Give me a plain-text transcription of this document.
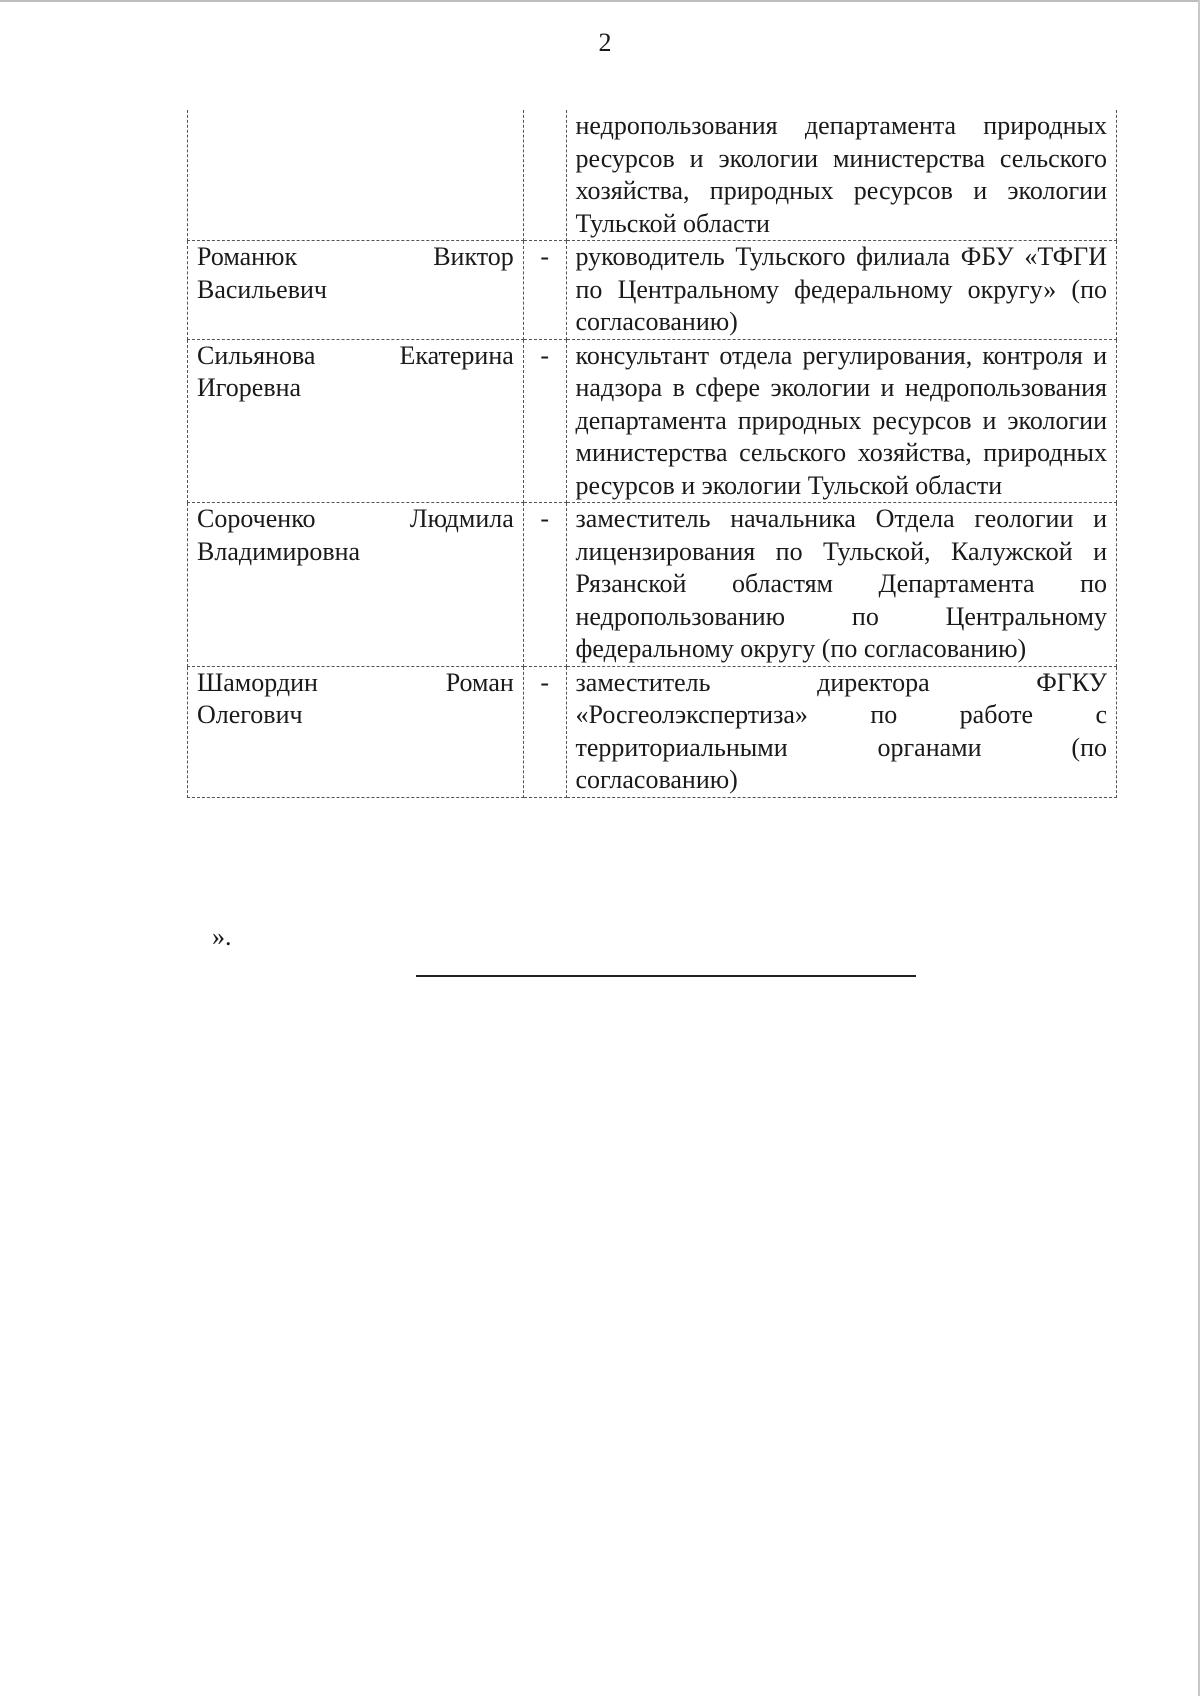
2
		недропользования департамента природных ресурсов и экологии министерства сельского хозяйства, природных ресурсов и экологии Тульской области

Романюк Виктор
Васильевич	-	руководитель Тульского филиала ФБУ «ТФГИ по Центральному федеральному округу» (по согласованию)

Сильянова Екатерина
Игоревна	-	консультант отдела регулирования, контроля и надзора в сфере экологии и недропользования департамента природных ресурсов и экологии министерства сельского хозяйства, природных ресурсов и экологии Тульской области

Сороченко Людмила
Владимировна	-	заместитель начальника Отдела геологии и лицензирования по Тульской, Калужской и Рязанской областям Департамента по недропользованию по Центральному федеральному округу (по согласованию)

Шамордин Роман
Олегович	-	заместитель директора ФГКУ «Росгеолэкспертиза» по работе с территориальными органами (по согласованию)
».
